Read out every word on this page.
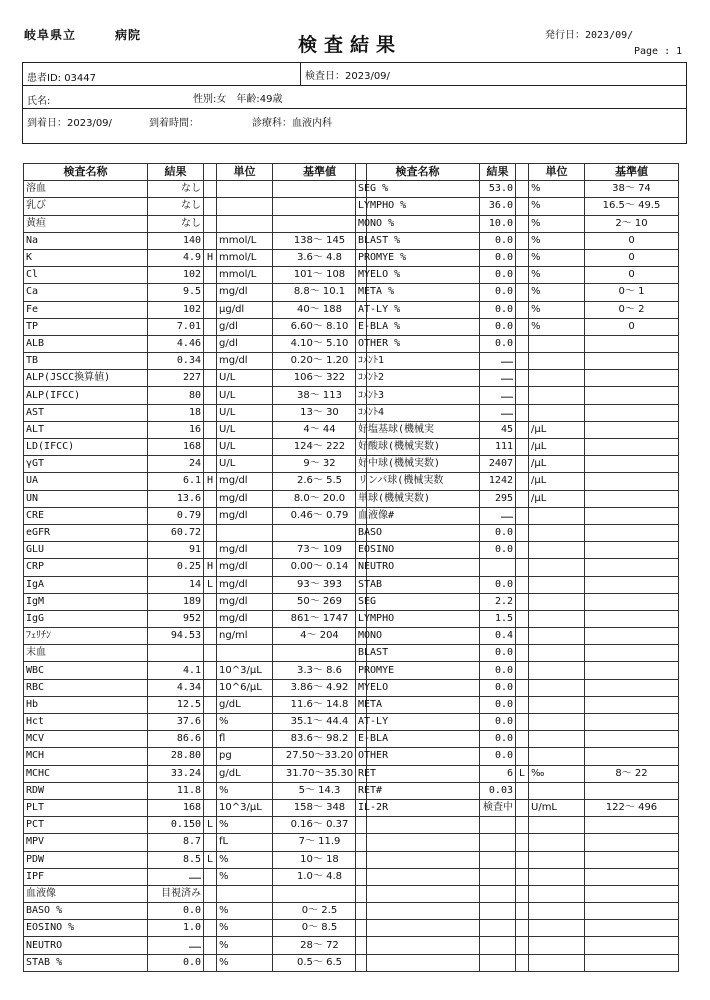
岐阜県立　　　病院	検査結果	発行日：2023/09/
Page : 1
患者ID: 03447	検査日：2023/09/
氏名:	性別:女　年齢:49歳
到着日：2023/09/	到着時間：	診療科：血液内科
検査名称	結果		単位	基準値
溶血	なし			
乳び	なし			
黄疸	なし			
Na	140		mmol/L	138～ 145
K	4.9	H	mmol/L	3.6～ 4.8
Cl	102		mmol/L	101～ 108
Ca	9.5		mg/dl	8.8～ 10.1
Fe	102		μg/dl	40～ 188
TP	7.01		g/dl	6.60～ 8.10
ALB	4.46		g/dl	4.10～ 5.10
TB	0.34		mg/dl	0.20～ 1.20
ALP(JSCC換算値)	227		U/L	106～ 322
ALP(IFCC)	80		U/L	38～ 113
AST	18		U/L	13～ 30
ALT	16		U/L	4～ 44
LD(IFCC)	168		U/L	124～ 222
γGT	24		U/L	9～ 32
UA	6.1	H	mg/dl	2.6～ 5.5
UN	13.6		mg/dl	8.0～ 20.0
CRE	0.79		mg/dl	0.46～ 0.79
eGFR	60.72			
GLU	91		mg/dl	73～ 109
CRP	0.25	H	mg/dl	0.00～ 0.14
IgA	14	L	mg/dl	93～ 393
IgM	189		mg/dl	50～ 269
IgG	952		mg/dl	861～ 1747
ﾌｪﾘﾁﾝ	94.53		ng/ml	4～ 204
末血				
WBC	4.1		10^3/μL	3.3～ 8.6
RBC	4.34		10^6/μL	3.86～ 4.92
Hb	12.5		g/dL	11.6～ 14.8
Hct	37.6		%	35.1～ 44.4
MCV	86.6		fl	83.6～ 98.2
MCH	28.80		pg	27.50～33.20
MCHC	33.24		g/dL	31.70～35.30
RDW	11.8		%	5～ 14.3
PLT	168		10^3/μL	158～ 348
PCT	0.150	L	%	0.16～ 0.37
MPV	8.7		fL	7～ 11.9
PDW	8.5	L	%	10～ 18
IPF	……		%	1.0～ 4.8
血液像	目視済み			
BASO %	0.0		%	0～ 2.5
EOSINO %	1.0		%	0～ 8.5
NEUTRO	……		%	28～ 72
STAB %	0.0		%	0.5～ 6.5
検査名称	結果		単位	基準値
SEG %	53.0		%	38～ 74
LYMPHO %	36.0		%	16.5～ 49.5
MONO %	10.0		%	2～ 10
BLAST %	0.0		%	0
PROMYE %	0.0		%	0
MYELO %	0.0		%	0
META %	0.0		%	0～ 1
AT-LY %	0.0		%	0～ 2
E-BLA %	0.0		%	0
OTHER %	0.0			
ｺﾒﾝﾄ1	……			
ｺﾒﾝﾄ2	……			
ｺﾒﾝﾄ3	……			
ｺﾒﾝﾄ4	……			
好塩基球(機械実	45		/μL	
好酸球(機械実数)	111		/μL	
好中球(機械実数)	2407		/μL	
リンパ球(機械実数	1242		/μL	
単球(機械実数)	295		/μL	
血液像#	……			
BASO	0.0			
EOSINO	0.0			
NEUTRO				
STAB	0.0			
SEG	2.2			
LYMPHO	1.5			
MONO	0.4			
BLAST	0.0			
PROMYE	0.0			
MYELO	0.0			
META	0.0			
AT-LY	0.0			
E-BLA	0.0			
OTHER	0.0			
RET	6	L	‰	8～ 22
RET#	0.03			
IL-2R	検査中		U/mL	122～ 496
